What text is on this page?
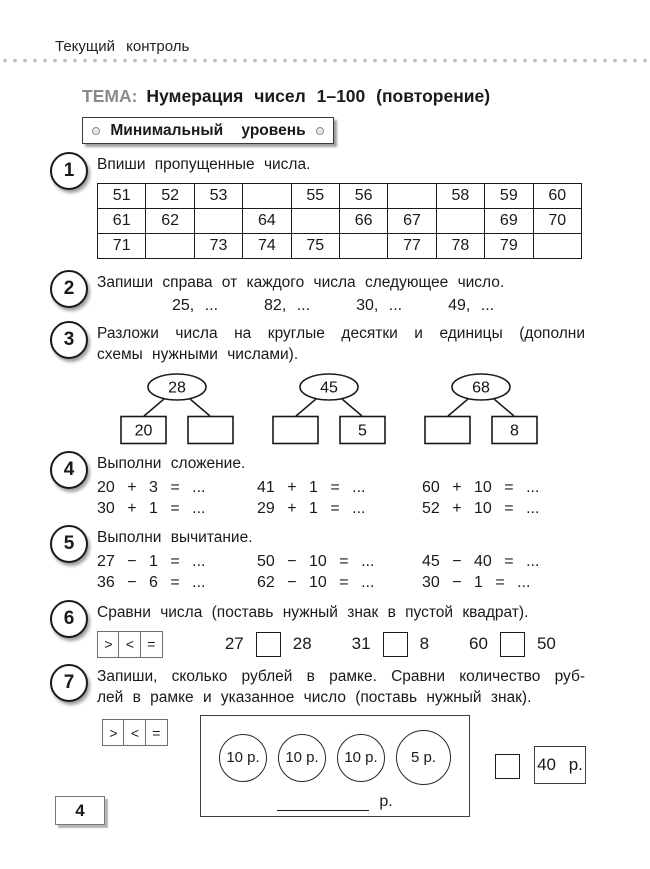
Текущий контроль
ТЕМА: Нумерация чисел 1–100 (повторение)
Минимальный уровень
1	Впиши пропущенные числа.

51	52	53		55	56		58	59	60
61	62		64		66	67		69	70
71		73	74	75		77	78	79	
2	Запиши справа от каждого числа следующее число.

25, ...	82, ...	30, ...	49, ...
3	Разложи числа на круглые десятки и единицы (дополни

схемы нужными числами).

28
20
45
5
68
8
4	Выполни сложение.

20 + 3 = ...	41 + 1 = ...	60 + 10 = ...
30 + 1 = ...	29 + 1 = ...	52 + 10 = ...
5	Выполни вычитание.

27 − 1 = ...	50 − 10 = ...	45 − 40 = ...
36 − 6 = ...	62 − 10 = ...	30 − 1 = ...
6	Сравни числа (поставь нужный знак в пустой квадрат).

> < =	27	28 31	8 60	50
7	Запиши, сколько рублей в рамке. Сравни количество руб-

лей в рамке и указанное число (поставь нужный знак).

> < =
10 р.	10 р.	10 р.	5 р.
р.
40 р.
4
